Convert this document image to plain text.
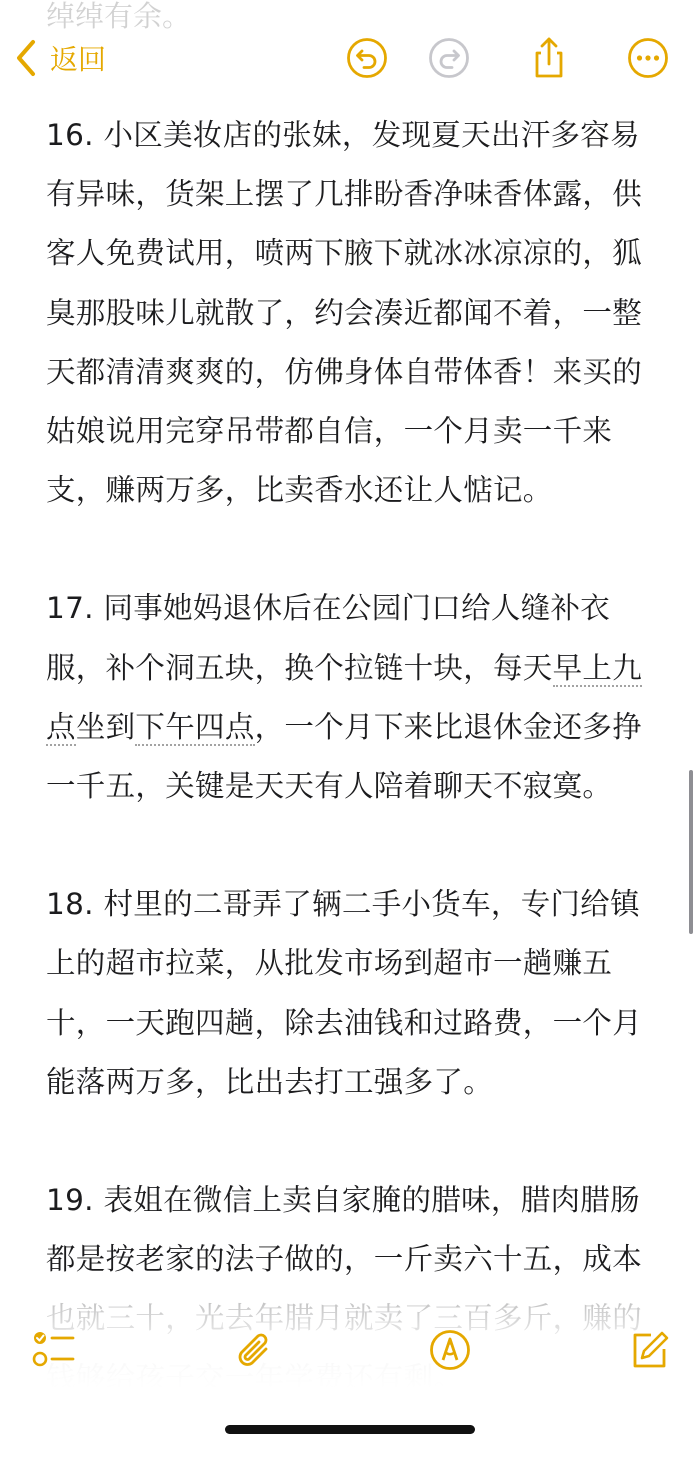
绰绰有余。
返回

16. 小区美妆店的张妹，发现夏天出汗多容易有异味，货架上摆了几排盼香净味香体露，供客人免费试用，喷两下腋下就冰冰凉凉的，狐臭那股味儿就散了，约会凑近都闻不着，一整天都清清爽爽的，仿佛身体自带体香！来买的姑娘说用完穿吊带都自信，一个月卖一千来支，赚两万多，比卖香水还让人惦记。

17. 同事她妈退休后在公园门口给人缝补衣服，补个洞五块，换个拉链十块，每天早上九点坐到下午四点，一个月下来比退休金还多挣一千五，关键是天天有人陪着聊天不寂寞。

18. 村里的二哥弄了辆二手小货车，专门给镇上的超市拉菜，从批发市场到超市一趟赚五十，一天跑四趟，除去油钱和过路费，一个月能落两万多，比出去打工强多了。

19. 表姐在微信上卖自家腌的腊味，腊肉腊肠都是按老家的法子做的，一斤卖六十五，成本
